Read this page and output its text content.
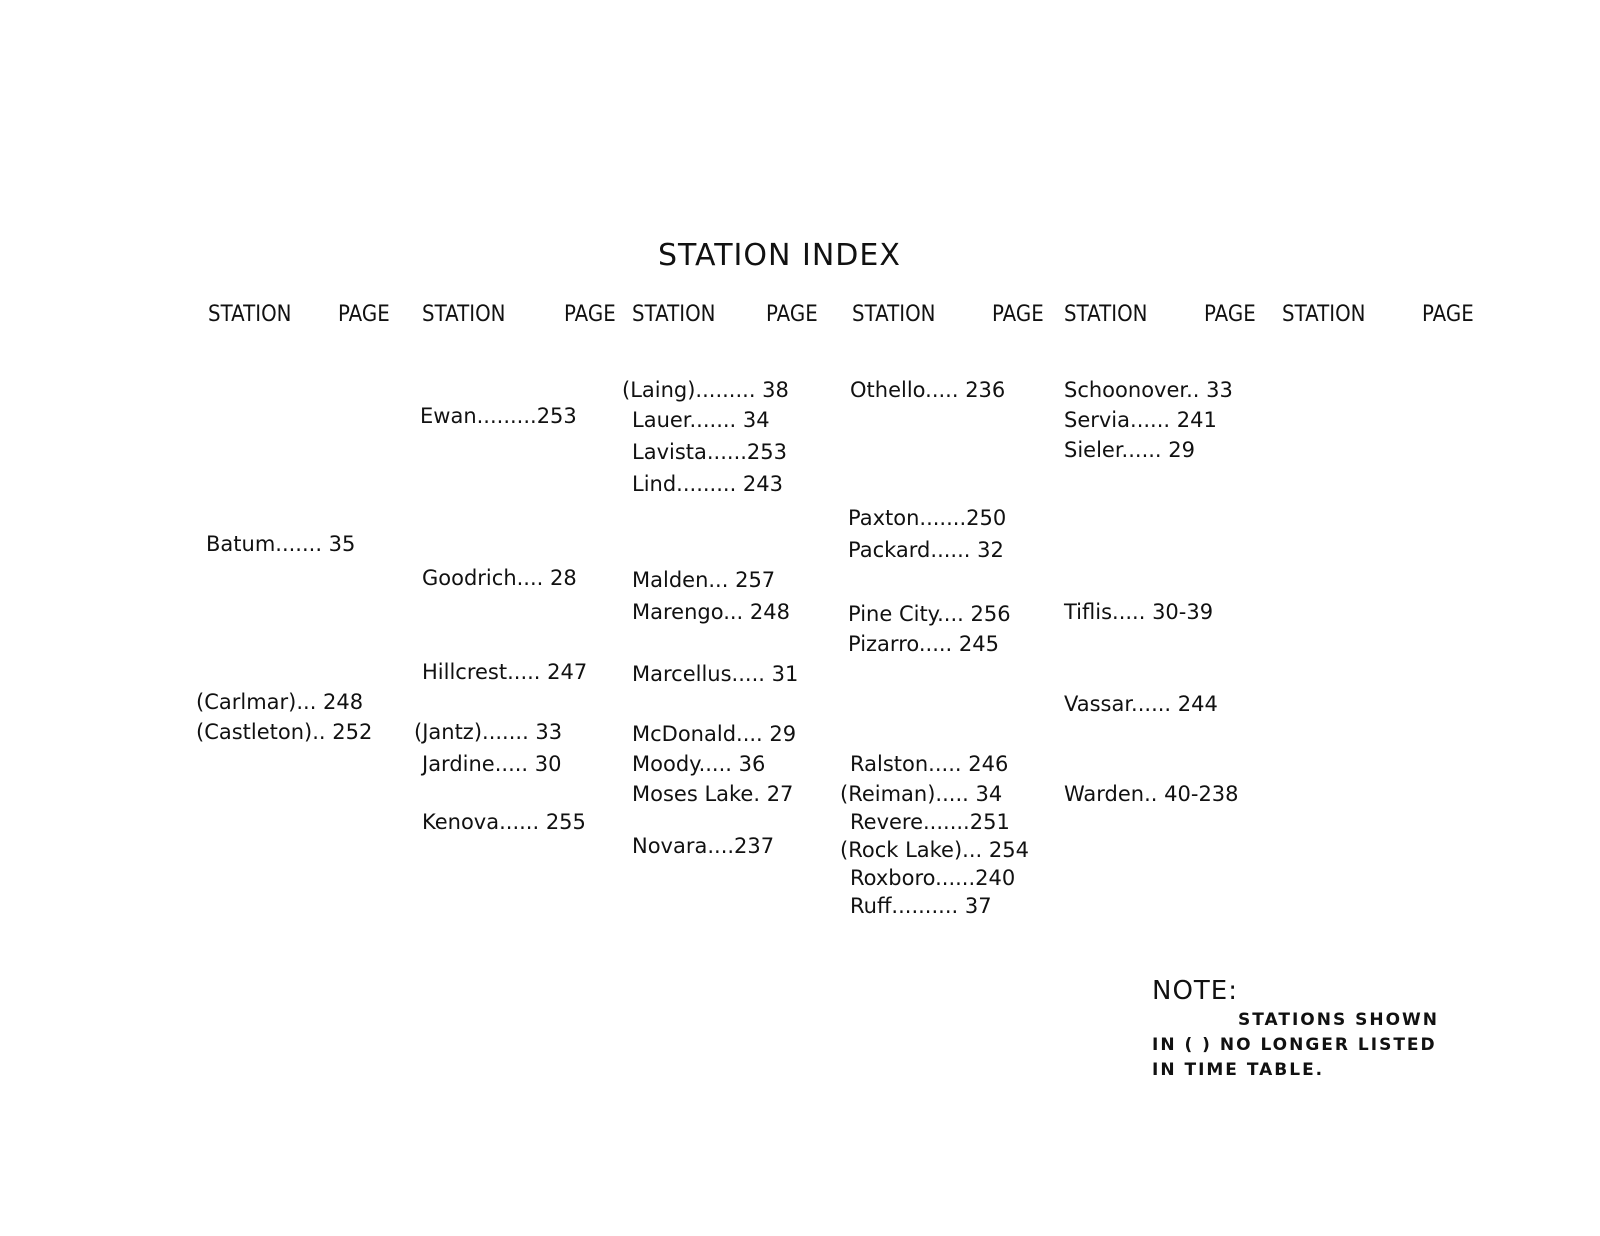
STATION INDEX
STATION PAGE STATION	PAGE STATION PAGE STATION	PAGE STATION	PAGE STATION	PAGE
Batum....... 35
(Carlmar)... 248
(Castleton).. 252
Ewan.........253
Goodrich.... 28
Hillcrest..... 247
(Jantz)....... 33
Jardine..... 30
Kenova...... 255
(Laing)......... 38
Lauer....... 34
Lavista......253
Lind......... 243
Malden... 257
Marengo... 248
Marcellus..... 31
McDonald.... 29
Moody..... 36
Moses Lake. 27
Novara....237
Othello..... 236
Paxton.......250
Packard...... 32
Pine City.... 256
Pizarro..... 245
Ralston..... 246
(Reiman)..... 34
Revere.......251
(Rock Lake)... 254
Roxboro......240
Ruff.......... 37
Schoonover.. 33
Servia...... 241
Sieler...... 29
Tiflis..... 30-39
Vassar...... 244
Warden.. 40-238
NOTE:
STATIONS SHOWN
IN ( ) NO LONGER LISTED
IN TIME TABLE.
